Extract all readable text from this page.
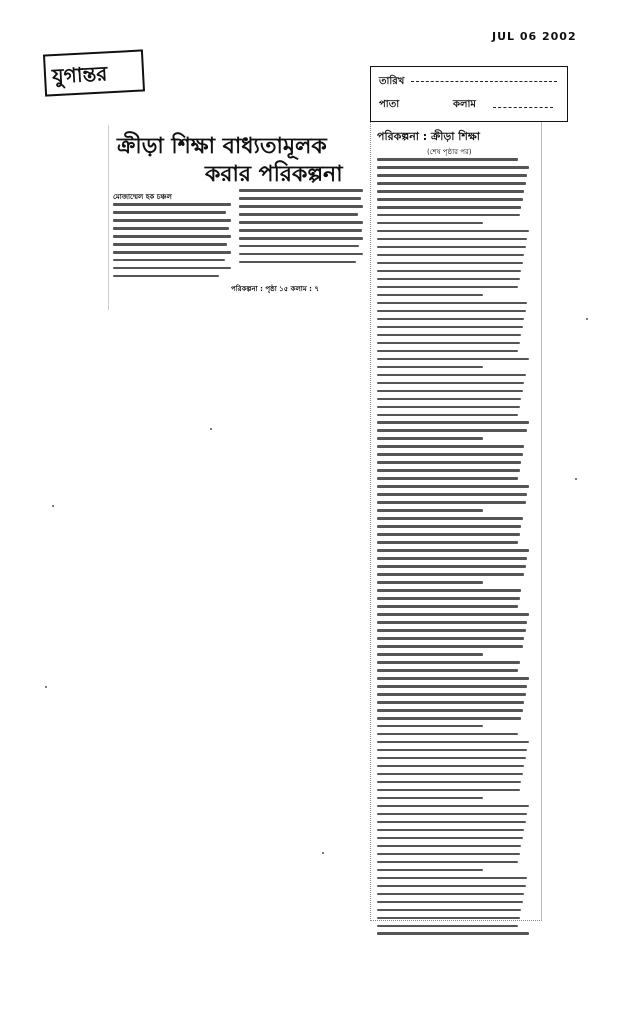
JUL 06 2002
যুগান্তর	তারিখ
পাতা	কলাম
ক্রীড়া শিক্ষা বাধ্যতামূলক
করার পরিকল্পনা
মোজাম্মেল হক চঞ্চল
পরিকল্পনা : পৃষ্ঠা ১৫ কলাম : ৭
পরিকল্পনা : ক্রীড়া শিক্ষা
(শেষ পৃষ্ঠার পর)
